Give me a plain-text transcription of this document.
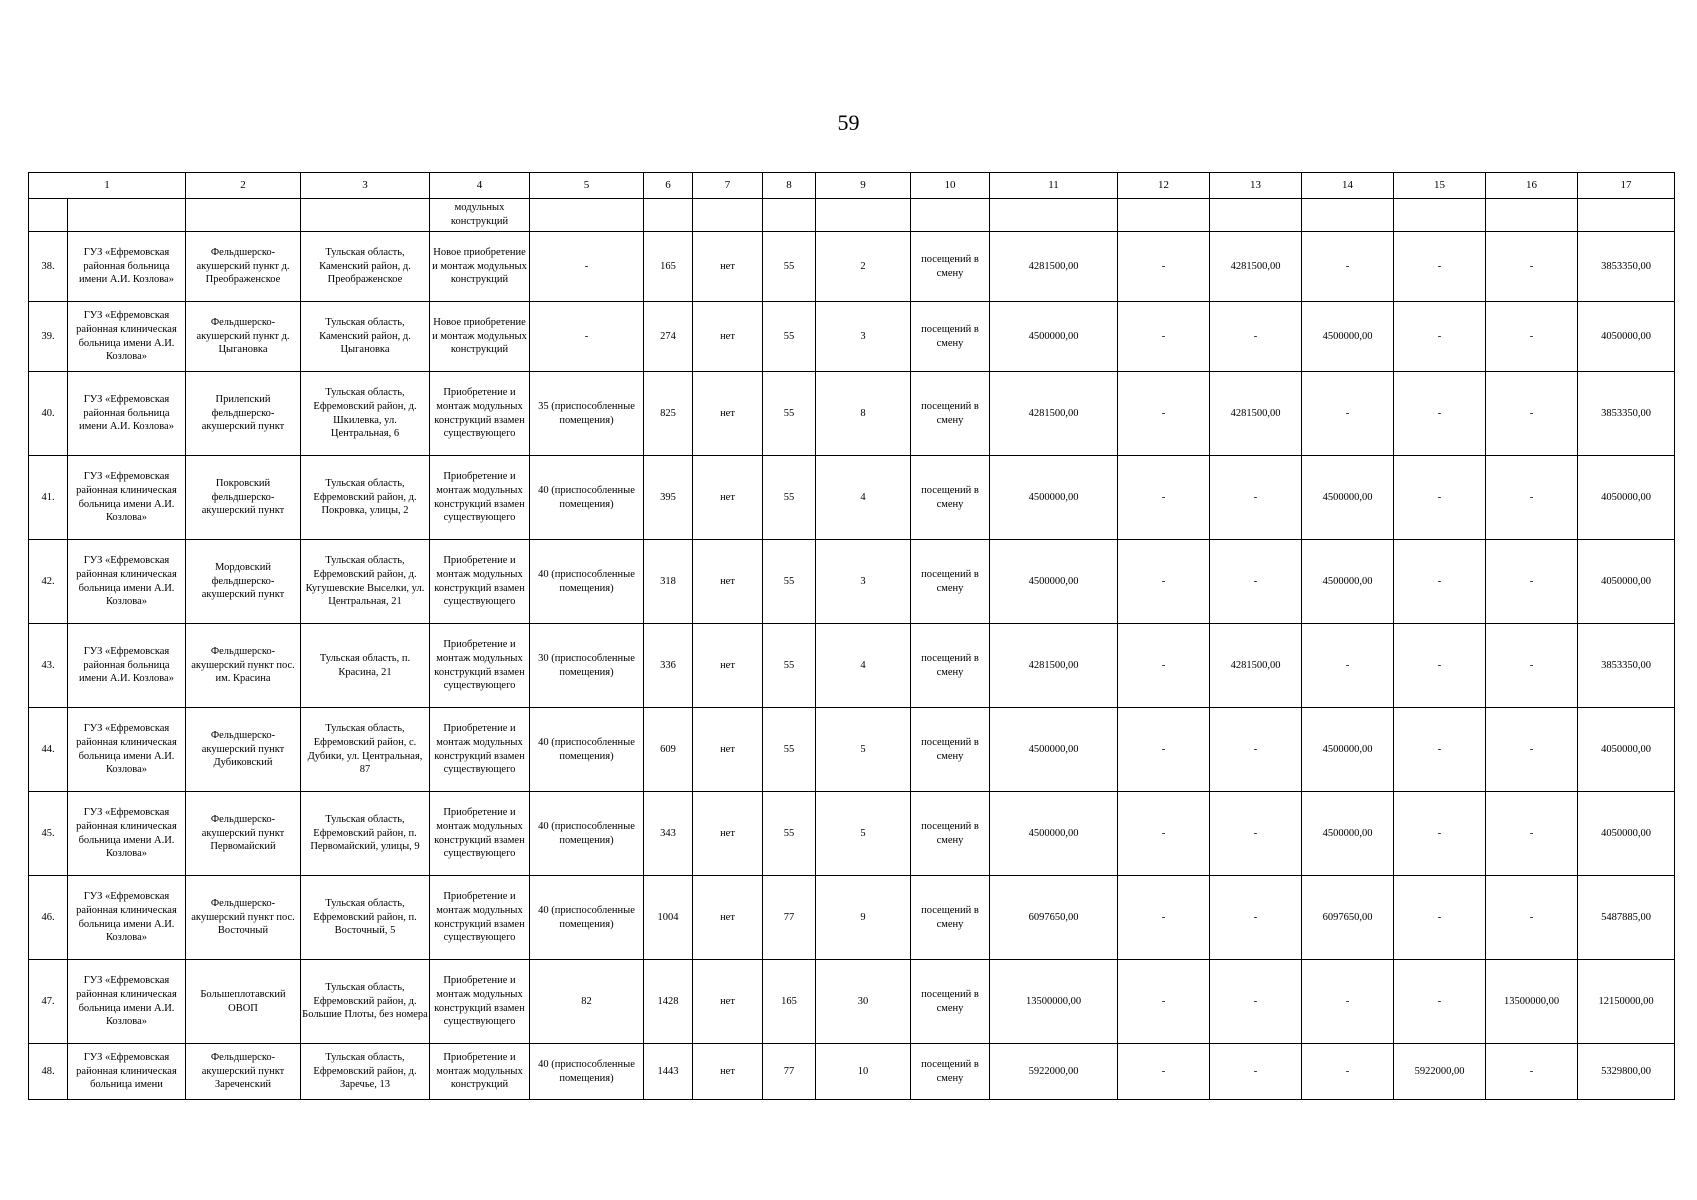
59
1		2	3	4	5	6	7	8	9	10	11	12	13	14	15	16	17
				модульных конструкций													
38.	ГУЗ «Ефремовская районная больница имени А.И. Козлова»	Фельдшерско-акушерский пункт д. Преображенское	Тульская область, Каменский район, д. Преображенское	Новое приобретение и монтаж модульных конструкций	-	165	нет	55	2	посещений в смену	4281500,00	-	4281500,00	-	-	-	3853350,00
39.	ГУЗ «Ефремовская районная клиническая больница имени А.И. Козлова»	Фельдшерско-акушерский пункт д. Цыгановка	Тульская область, Каменский район, д. Цыгановка	Новое приобретение и монтаж модульных конструкций	-	274	нет	55	3	посещений в смену	4500000,00	-	-	4500000,00	-	-	4050000,00
40.	ГУЗ «Ефремовская районная больница имени А.И. Козлова»	Прилепский фельдшерско-акушерский пункт	Тульская область, Ефремовский район, д. Шкилевка, ул. Центральная, 6	Приобретение и монтаж модульных конструкций взамен существующего	35 (приспособленные помещения)	825	нет	55	8	посещений в смену	4281500,00	-	4281500,00	-	-	-	3853350,00
41.	ГУЗ «Ефремовская районная клиническая больница имени А.И. Козлова»	Покровский фельдшерско-акушерский пункт	Тульская область, Ефремовский район, д. Покровка, улицы, 2	Приобретение и монтаж модульных конструкций взамен существующего	40 (приспособленные помещения)	395	нет	55	4	посещений в смену	4500000,00	-	-	4500000,00	-	-	4050000,00
42.	ГУЗ «Ефремовская районная клиническая больница имени А.И. Козлова»	Мордовский фельдшерско-акушерский пункт	Тульская область, Ефремовский район, д. Кугушевские Выселки, ул. Центральная, 21	Приобретение и монтаж модульных конструкций взамен существующего	40 (приспособленные помещения)	318	нет	55	3	посещений в смену	4500000,00	-	-	4500000,00	-	-	4050000,00
43.	ГУЗ «Ефремовская районная больница имени А.И. Козлова»	Фельдшерско-акушерский пункт пос. им. Красина	Тульская область, п. Красина, 21	Приобретение и монтаж модульных конструкций взамен существующего	30 (приспособленные помещения)	336	нет	55	4	посещений в смену	4281500,00	-	4281500,00	-	-	-	3853350,00
44.	ГУЗ «Ефремовская районная клиническая больница имени А.И. Козлова»	Фельдшерско-акушерский пункт Дубиковский	Тульская область, Ефремовский район, с. Дубики, ул. Центральная, 87	Приобретение и монтаж модульных конструкций взамен существующего	40 (приспособленные помещения)	609	нет	55	5	посещений в смену	4500000,00	-	-	4500000,00	-	-	4050000,00
45.	ГУЗ «Ефремовская районная клиническая больница имени А.И. Козлова»	Фельдшерско-акушерский пункт Первомайский	Тульская область, Ефремовский район, п. Первомайский, улицы, 9	Приобретение и монтаж модульных конструкций взамен существующего	40 (приспособленные помещения)	343	нет	55	5	посещений в смену	4500000,00	-	-	4500000,00	-	-	4050000,00
46.	ГУЗ «Ефремовская районная клиническая больница имени А.И. Козлова»	Фельдшерско-акушерский пункт пос. Восточный	Тульская область, Ефремовский район, п. Восточный, 5	Приобретение и монтаж модульных конструкций взамен существующего	40 (приспособленные помещения)	1004	нет	77	9	посещений в смену	6097650,00	-	-	6097650,00	-	-	5487885,00
47.	ГУЗ «Ефремовская районная клиническая больница имени А.И. Козлова»	Большеплотавский ОВОП	Тульская область, Ефремовский район, д. Большие Плоты, без номера	Приобретение и монтаж модульных конструкций взамен существующего	82	1428	нет	165	30	посещений в смену	13500000,00	-	-	-	-	13500000,00	12150000,00
48.	ГУЗ «Ефремовская районная клиническая больница имени	Фельдшерско-акушерский пункт Зареченский	Тульская область, Ефремовский район, д. Заречье, 13	Приобретение и монтаж модульных конструкций	40 (приспособленные помещения)	1443	нет	77	10	посещений в смену	5922000,00	-	-	-	5922000,00	-	5329800,00
